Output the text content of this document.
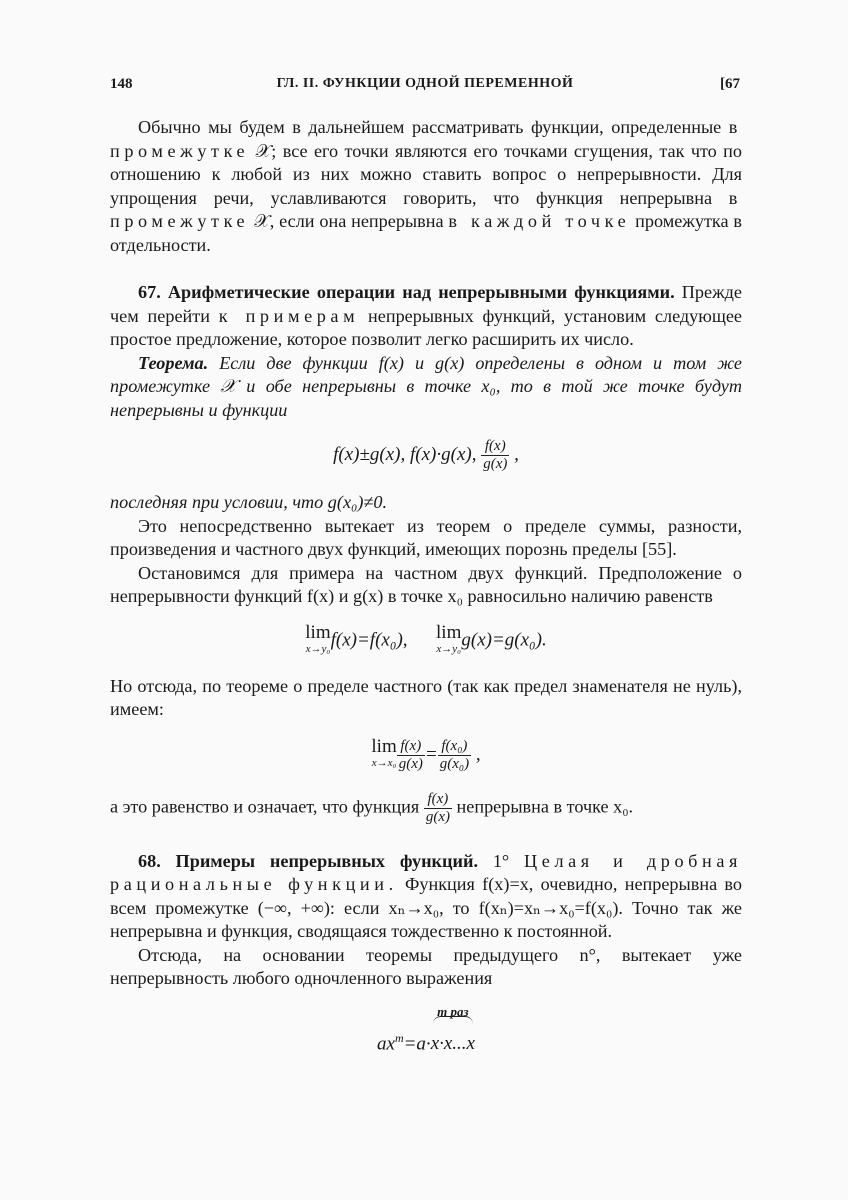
148	ГЛ. II. ФУНКЦИИ ОДНОЙ ПЕРЕМЕННОЙ	[67

Обычно мы будем в дальнейшем рассматривать функции, определенные в промежутке 𝒳; все его точки являются его точками сгущения, так что по отношению к любой из них можно ставить вопрос о непрерывности. Для упрощения речи, уславливаются говорить, что функция непрерывна в промежутке 𝒳, если она непрерывна в каждой точке промежутка в отдельности.

67. Арифметические операции над непрерывными функциями. Прежде чем перейти к примерам непрерывных функций, установим следующее простое предложение, которое позволит легко расширить их число.

Теорема. Если две функции f(x) и g(x) определены в одном и том же промежутке 𝒳 и обе непрерывны в точке x₀, то в той же точке будут непрерывны и функции

f(x)±g(x), f(x)·g(x), $\frac{f(x)}{g(x)}$ ,

последняя при условии, что g(x₀)≠0.

Это непосредственно вытекает из теорем о пределе суммы, разности, произведения и частного двух функций, имеющих порознь пределы [55].

Остановимся для примера на частном двух функций. Предположение о непрерывности функций f(x) и g(x) в точке x₀ равносильно наличию равенств

lim
x→y₀ f(x)=f(x₀), lim
x→y₀ g(x)=g(x₀).

Но отсюда, по теореме о пределе частного (так как предел знаменателя не нуль), имеем:

lim
$x\to x_0 \frac{f(x)}{g(x)} = \frac{\text{f(x₀)}}{\text{g(x₀)}}$ ,

а это равенство и означает, что функция $\frac{f(x)}{g(x)}$ непрерывна в точке x₀.

68. Примеры непрерывных функций. 1° Целая и дробная рациональные функции. Функция f(x)=x, очевидно, непрерывна во всем промежутке (−∞, +∞): если xₙ→x₀, то f(xₙ)=xₙ→x₀=f(x₀). Точно так же непрерывна и функция, сводящаяся тождественно к постоянной.

Отсюда, на основании теоремы предыдущего n°, вытекает уже непрерывность любого одночленного выражения

$ax^m=a\cdot$
m раз
x·x...x
